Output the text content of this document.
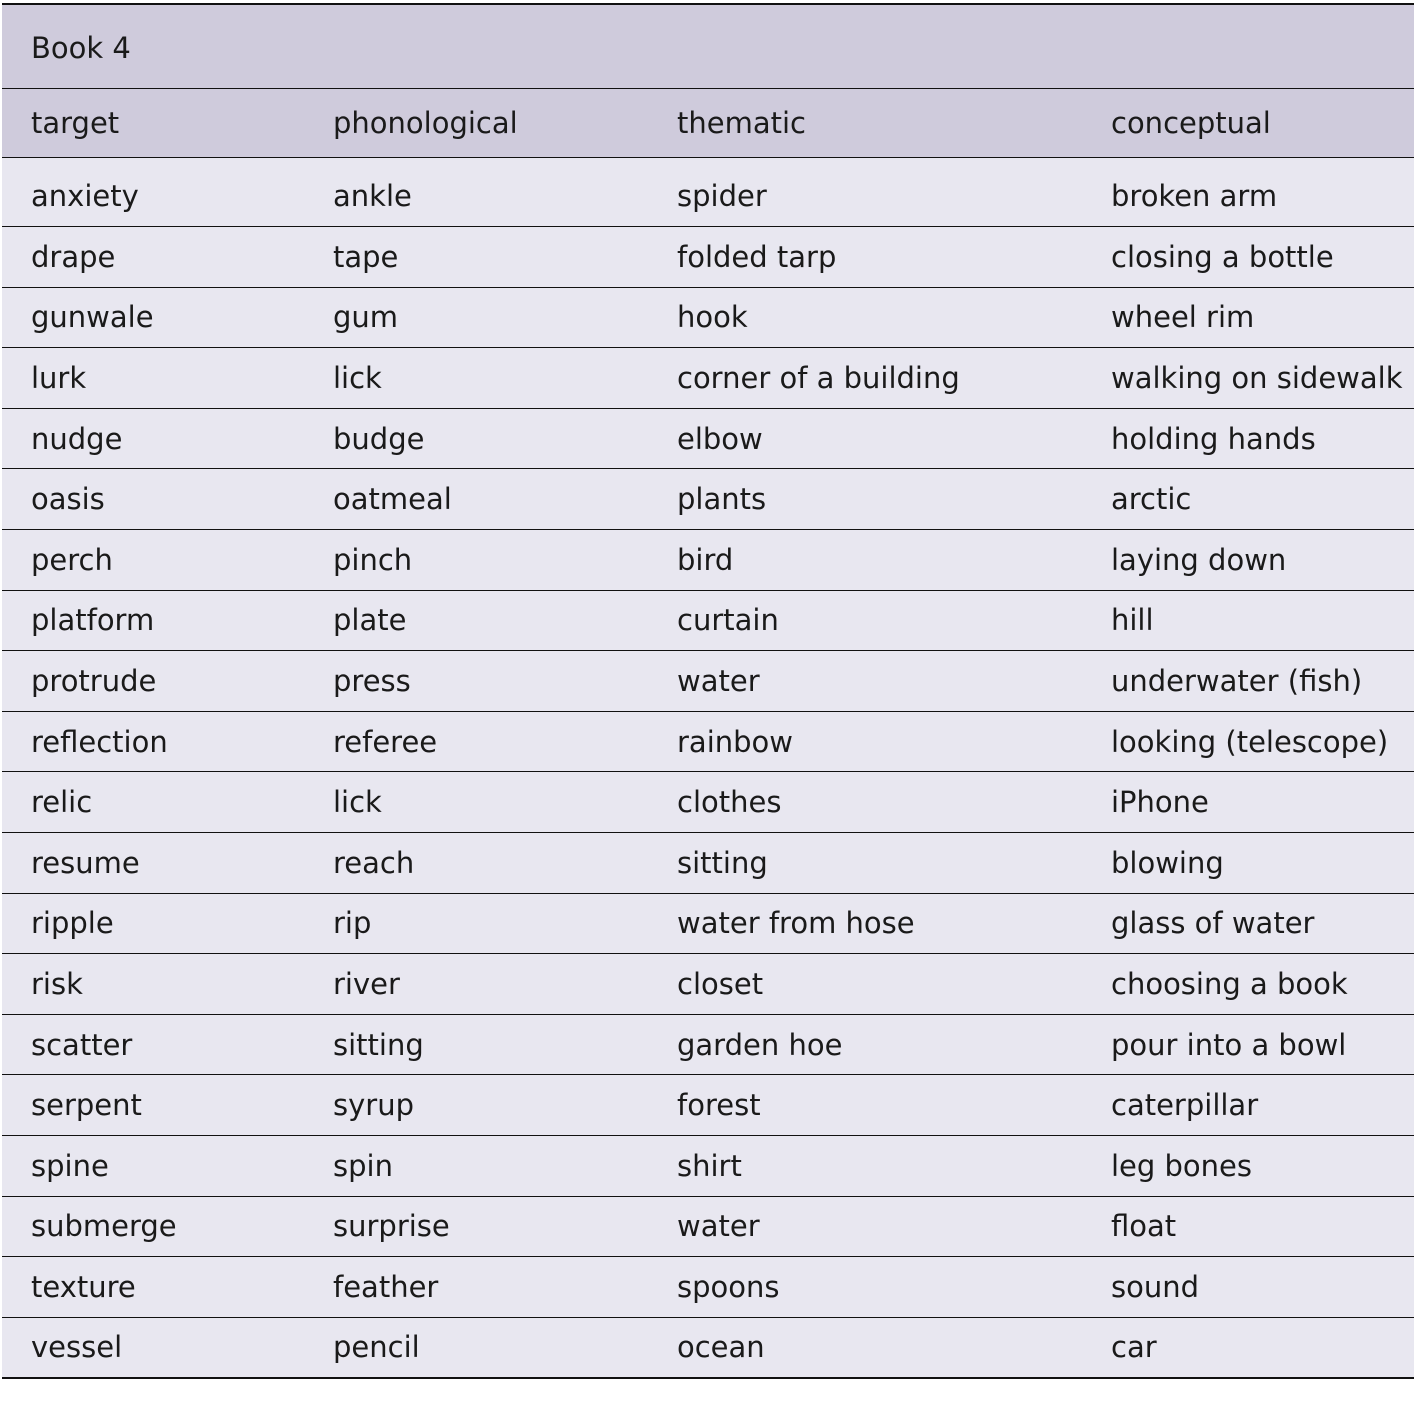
Book 4			
target	phonological	thematic	conceptual

anxiety	ankle	spider	broken arm
drape	tape	folded tarp	closing a bottle
gunwale	gum	hook	wheel rim
lurk	lick	corner of a building	walking on sidewalk
nudge	budge	elbow	holding hands
oasis	oatmeal	plants	arctic
perch	pinch	bird	laying down
platform	plate	curtain	hill
protrude	press	water	underwater (fish)
reflection	referee	rainbow	looking (telescope)
relic	lick	clothes	iPhone
resume	reach	sitting	blowing
ripple	rip	water from hose	glass of water
risk	river	closet	choosing a book
scatter	sitting	garden hoe	pour into a bowl
serpent	syrup	forest	caterpillar
spine	spin	shirt	leg bones
submerge	surprise	water	float
texture	feather	spoons	sound
vessel	pencil	ocean	car
